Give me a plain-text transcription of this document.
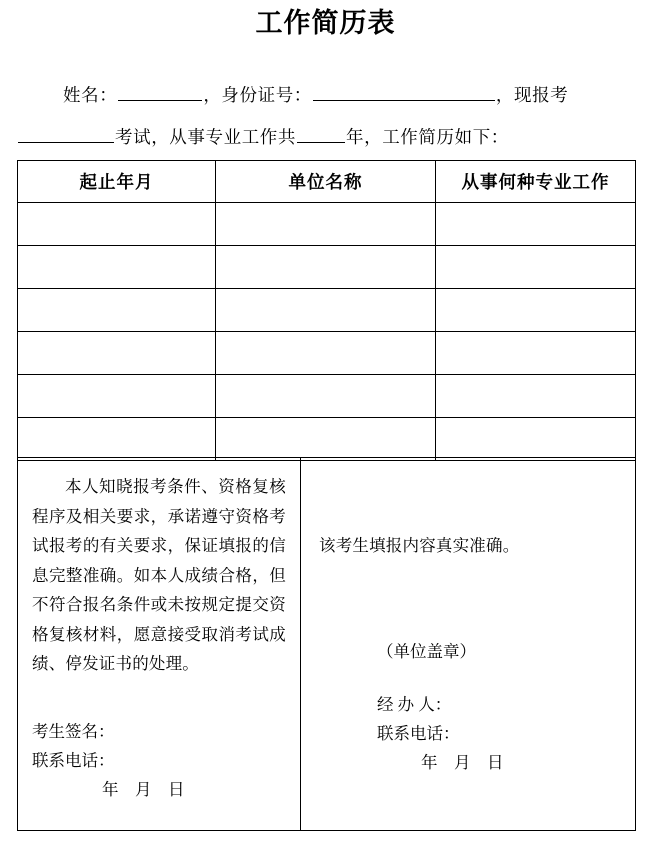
工作简历表
姓名：	，身份证号：	，现报考
考试，从事专业工作共	年，工作简历如下：
起止年月	单位名称	从事何种专业工作

本人知晓报考条件、资格复核程序及相关要求，承诺遵守资格考试报考的有关要求，保证填报的信息完整准确。如本人成绩合格，但不符合报名条件或未按规定提交资格复核材料，愿意接受取消考试成绩、停发证书的处理。
考生签名：
联系电话：
年    月    日

该考生填报内容真实准确。
（单位盖章）
经 办 人：
联系电话：
年    月    日
